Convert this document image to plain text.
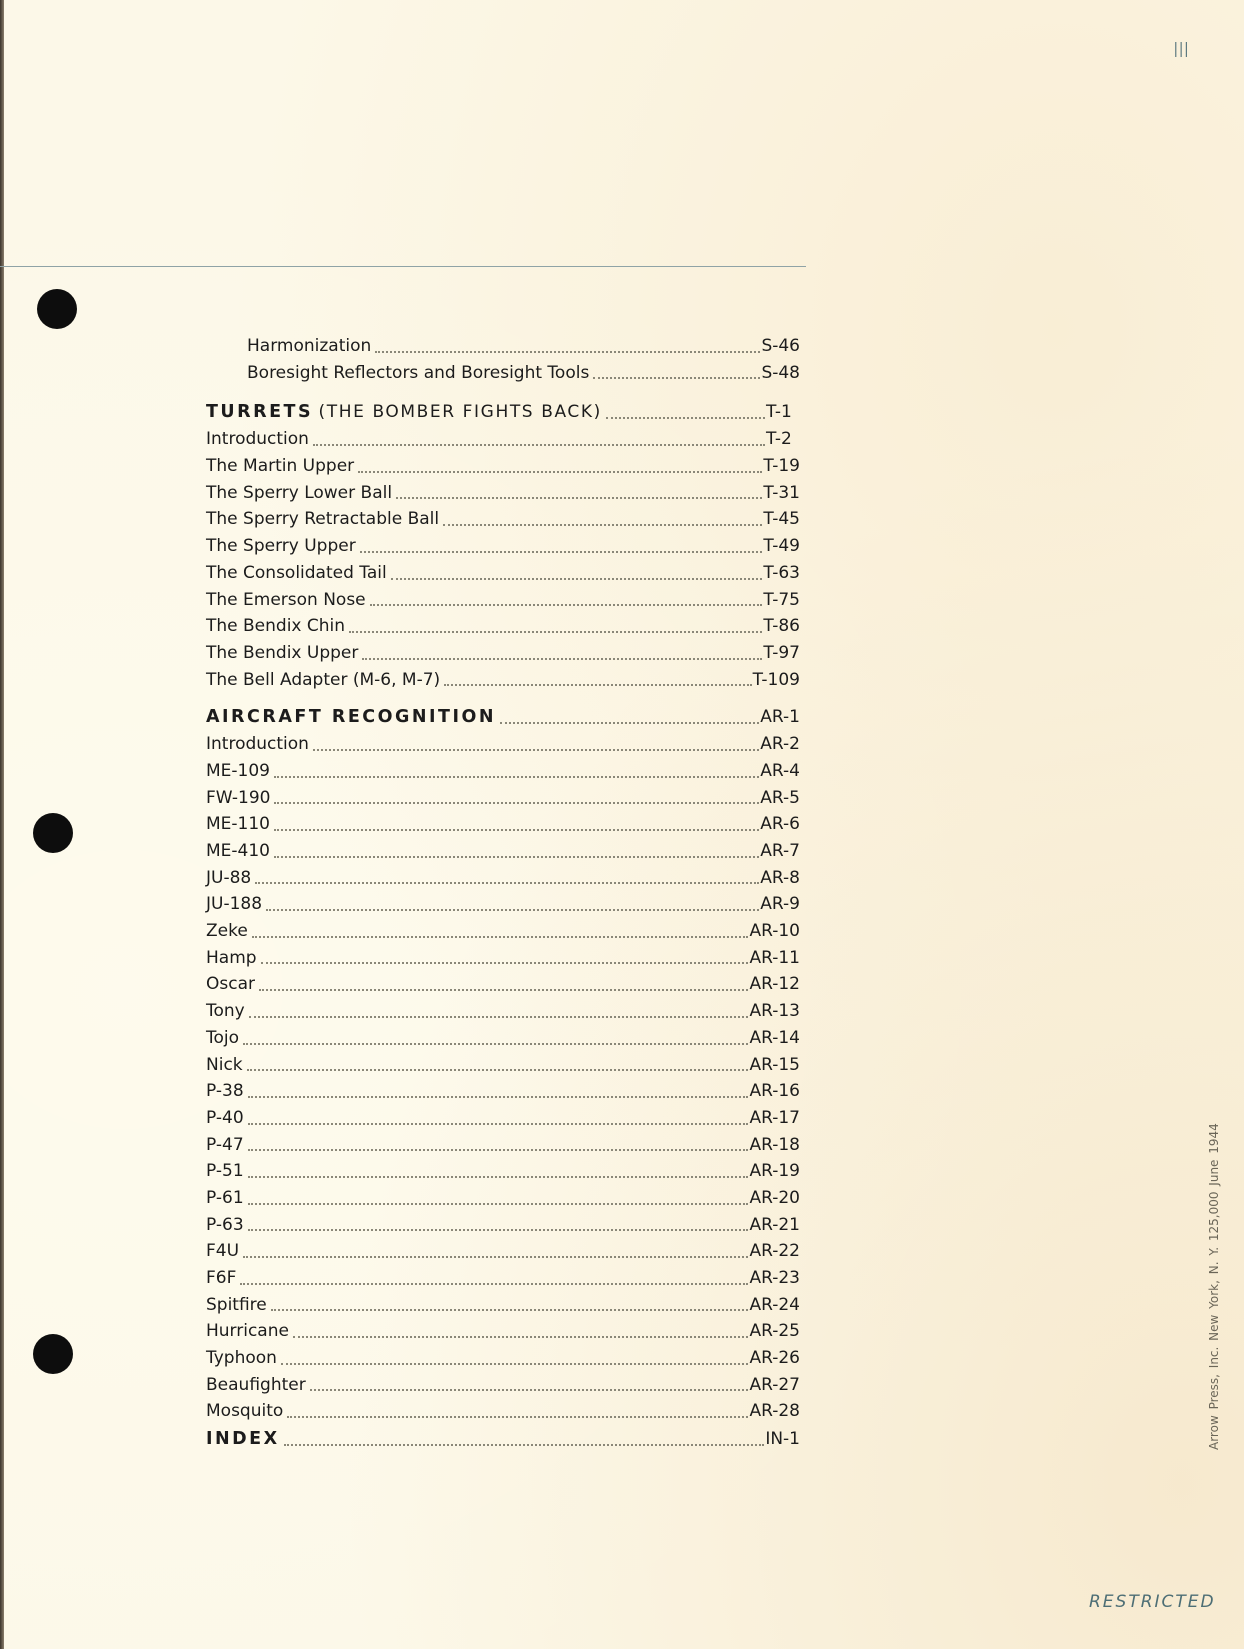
III
Harmonization	S-46
Boresight Reflectors and Boresight Tools	S-48
TURRETS (THE BOMBER FIGHTS BACK)	T-1
Introduction	T-2
The Martin Upper	T-19
The Sperry Lower Ball	T-31
The Sperry Retractable Ball	T-45
The Sperry Upper	T-49
The Consolidated Tail	T-63
The Emerson Nose	T-75
The Bendix Chin	T-86
The Bendix Upper	T-97
The Bell Adapter (M-6, M-7)	T-109
AIRCRAFT RECOGNITION	AR-1
Introduction	AR-2
ME-109	AR-4
FW-190	AR-5
ME-110	AR-6
ME-410	AR-7
JU-88	AR-8
JU-188	AR-9
Zeke	AR-10
Hamp	AR-11
Oscar	AR-12
Tony	AR-13
Tojo	AR-14
Nick	AR-15
P-38	AR-16
P-40	AR-17
P-47	AR-18
P-51	AR-19
P-61	AR-20
P-63	AR-21
F4U	AR-22
F6F	AR-23
Spitfire	AR-24
Hurricane	AR-25
Typhoon	AR-26
Beaufighter	AR-27
Mosquito	AR-28
INDEX	IN-1	Arrow Press, Inc. New York, N. Y. 125,000 June 1944
RESTRICTED
